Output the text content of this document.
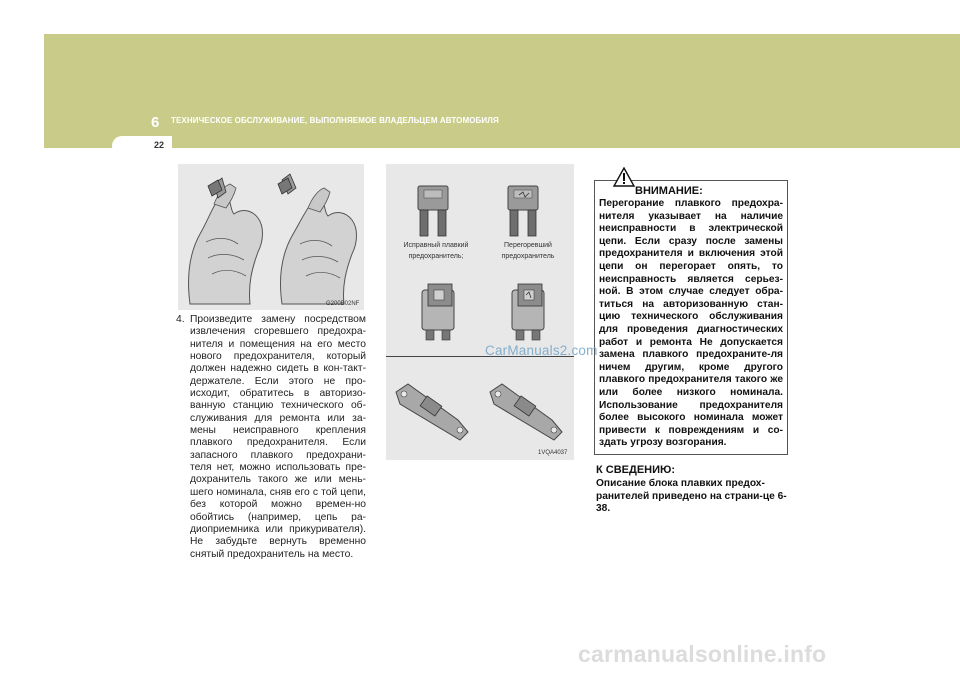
6 ТЕХНИЧЕСКОЕ ОБСЛУЖИВАНИЕ, ВЫПОЛНЯЕМОЕ ВЛАДЕЛЬЦЕМ АВТОМОБИЛЯ
22
G200B02NF
4. Произведите замену посредством извлечения сгоревшего предохра-нителя и помещения на его место нового предохранителя, который должен надежно сидеть в кон-такт-держателе. Если этого не про-исходит, обратитесь в авторизо-ванную станцию технического об-служивания для ремонта или за-мены неисправного крепления плавкого предохранителя. Если запасного плавкого предохрани-теля нет, можно использовать пре-дохранитель такого же или мень-шего номинала, сняв его с той цепи, без которой можно времен-но обойтись (например, цепь ра-диоприемника или прикуривателя). Не забудьте вернуть временно снятый предохранитель на место.
Исправный плавкий
предохранитель;
Перегоревший
предохранитель
1VQA4037
ВНИМАНИЕ:
Перегорание плавкого предохра-нителя указывает на наличие неисправности в электрической цепи. Если сразу после замены предохранителя и включения этой цепи он перегорает опять, то неисправность является серьез-ной. В этом случае следует обра-титься на авторизованную стан-цию технического обслуживания для проведения диагностических работ и ремонта Не допускается замена плавкого предохраните-ля ничем другим, кроме другого плавкого предохранителя такого же или более низкого номинала. Использование предохранителя более высокого номинала может привести к повреждениям и со-здать угрозу возгорания.
К СВЕДЕНИЮ:
Описание блока плавких предох-ранителей приведено на страни-це 6-38.
CarManuals2.com
carmanualsonline.info
